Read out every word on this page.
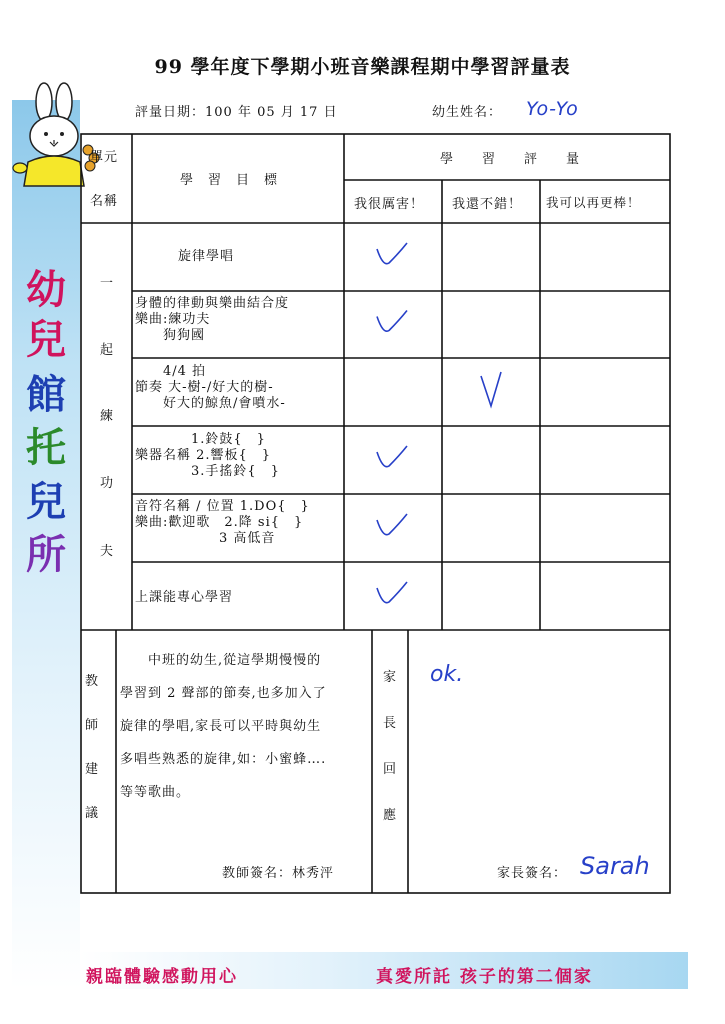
幼
兒
館
托
兒
所
99 學年度下學期小班音樂課程期中學習評量表
評量日期：100 年 05 月 17 日	幼生姓名： Yo-Yo
單元
名稱
學　習　目　標
學　　習　　評　　量
我很厲害！ 我還不錯！ 我可以再更棒！
一
起
練
功
夫
旋律學唱
身體的律動與樂曲結合度
樂曲:練功夫
　　狗狗國
　　4/4 拍
節奏 大-樹-/好大的樹-
　　好大的鯨魚/會噴水-
　　　　1.鈴鼓{　}
樂器名稱 2.響板{　}
　　　　3.手搖鈴{　}
音符名稱 / 位置 1.DO{　}
樂曲:歡迎歌　2.降 si{　}
　　　　　　3 高低音
上課能專心學習
教
師
建
議
　　中班的幼生,從這學期慢慢的
學習到 2 聲部的節奏,也多加入了
旋律的學唱,家長可以平時與幼生
多唱些熟悉的旋律,如：小蜜蜂….
等等歌曲。
教師簽名：林秀泙
家
長
回
應
ok.
家長簽名： Sarah
親臨體驗感動用心	真愛所託 孩子的第二個家
